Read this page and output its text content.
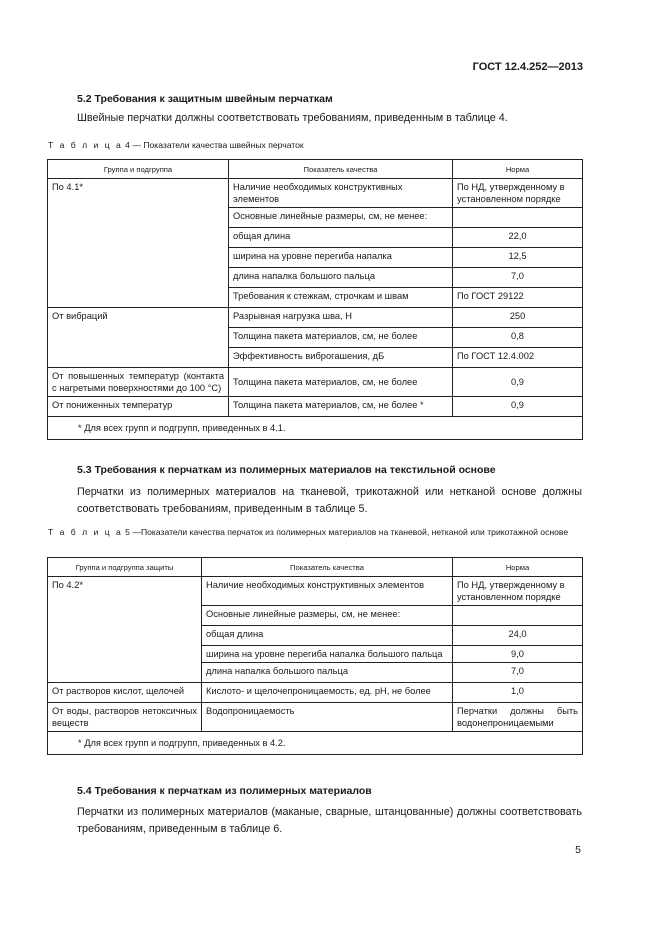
ГОСТ 12.4.252—2013
5.2 Требования к защитным швейным перчаткам
Швейные перчатки должны соответствовать требованиям, приведенным в таблице 4.
Т а б л и ц а 4 — Показатели качества швейных перчаток
Группа и подгруппа	Показатель качества	Норма
По 4.1*	Наличие необходимых конструктивных элементов	По НД, утвержденному в установленном порядке
	Основные линейные размеры, см, не менее:	
	общая длина	22,0
	ширина на уровне перегиба напалка	12,5
	длина напалка большого пальца	7,0
	Требования к стежкам, строчкам и швам	По ГОСТ 29122
От вибраций	Разрывная нагрузка шва, Н	250
	Толщина пакета материалов, см, не более	0,8
	Эффективность виброгашения, дБ	По ГОСТ 12.4.002
От повышенных температур (контакта с нагретыми поверхностями до 100 °С)	Толщина пакета материалов, см, не более	0,9
От пониженных температур	Толщина пакета материалов, см, не более *	0,9
* Для всех групп и подгрупп, приведенных в 4.1.		
5.3 Требования к перчаткам из полимерных материалов на текстильной основе
Перчатки из полимерных материалов на тканевой, трикотажной или нетканой основе должны соответствовать требованиям, приведенным в таблице 5.
Т а б л и ц а 5 —Показатели качества перчаток из полимерных материалов на тканевой, нетканой или трикотажной основе
Группа и подгруппа защиты	Показатель качества	Норма
По 4.2*	Наличие необходимых конструктивных элементов	По НД, утвержденному в установленном порядке
	Основные линейные размеры, см, не менее:	
	общая длина	24,0
	ширина на уровне перегиба напалка большого пальца	9,0
	длина напалка большого пальца	7,0
От растворов кислот, щелочей	Кислото- и щелочепроницаемость, ед. рН, не более	1,0
От воды, растворов нетоксичных веществ	Водопроницаемость	Перчатки должны быть водонепроницаемыми
* Для всех групп и подгрупп, приведенных в 4.2.		
5.4 Требования к перчаткам из полимерных материалов
Перчатки из полимерных материалов (маканые, сварные, штанцованные) должны соответствовать требованиям, приведенным в таблице 6.
5
